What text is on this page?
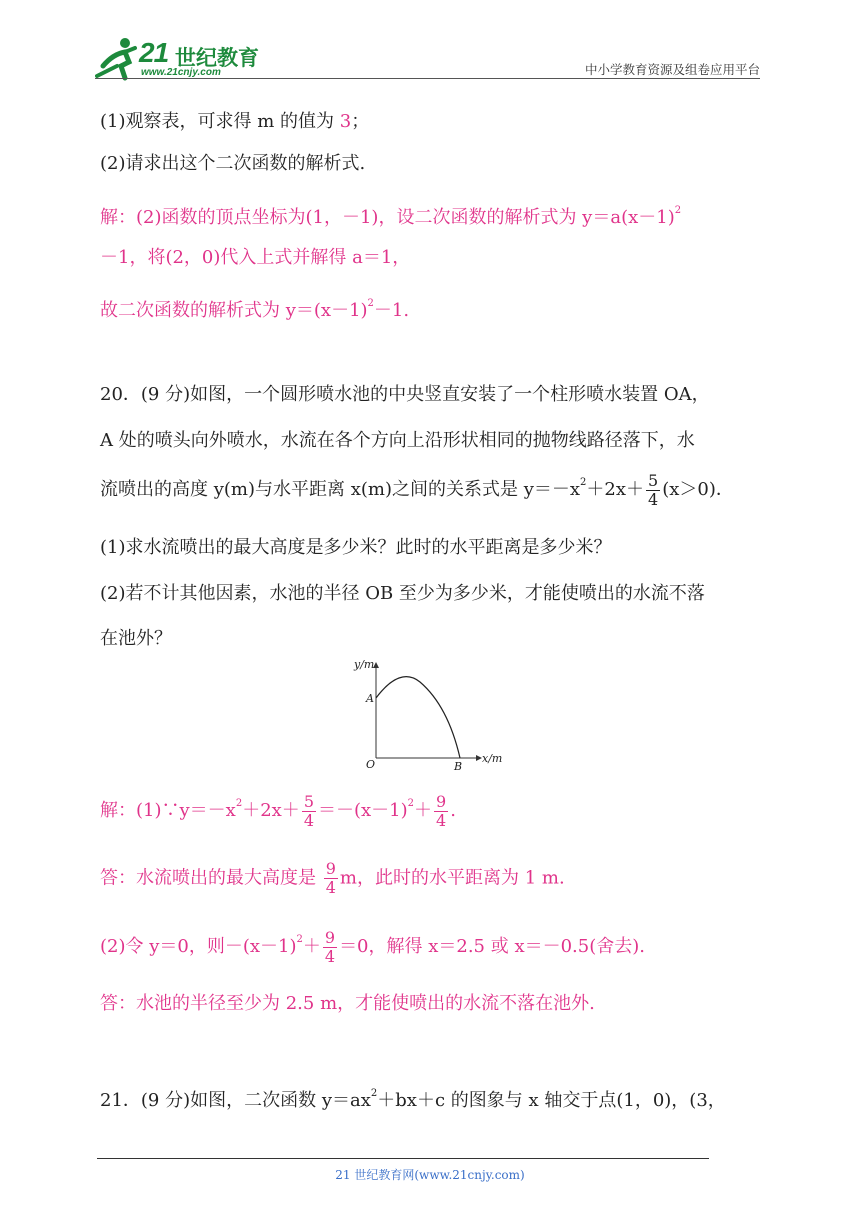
21 世纪教育
www.21cnjy.com	中小学教育资源及组卷应用平台
(1)观察表，可求得 m 的值为 3；
(2)请求出这个二次函数的解析式.
解：(2)函数的顶点坐标为(1，－1)，设二次函数的解析式为 $y=a(x-1)^2$
－1，将(2，0)代入上式并解得 a＝1，
故二次函数的解析式为 $y=(x-1)^2-1$.
20．(9 分)如图，一个圆形喷水池的中央竖直安装了一个柱形喷水装置 OA，
A 处的喷头向外喷水，水流在各个方向上沿形状相同的抛物线路径落下，水
流喷出的高度 y(m)与水平距离 x(m)之间的关系式是 $y=-x^2+2x+ \frac{5}{4} (x>0)$．
(1)求水流喷出的最大高度是多少米？此时的水平距离是多少米？
(2)若不计其他因素，水池的半径 OB 至少为多少米，才能使喷出的水流不落
在池外？
y/m
x/m
A
O	B
解：$(1)\because y=-x^2+2x+ \frac{5}{4} =-(x-1)^2+ \frac{9}{4}$ .
答：水流喷出的最大高度是 $\frac{9}{4}$ m，此时的水平距离为 1 m.
(2)令 y＝0，则$-(x-1)^2+ \frac{9}{4} =0$，解得 x＝2.5 或 x＝－0.5(舍去).
答：水池的半径至少为 2.5 m，才能使喷出的水流不落在池外.
21．(9 分)如图，二次函数 $y=ax^2+bx+c$ 的图象与 x 轴交于点(1，0)，(3，
21 世纪教育网(www.21cnjy.com)
